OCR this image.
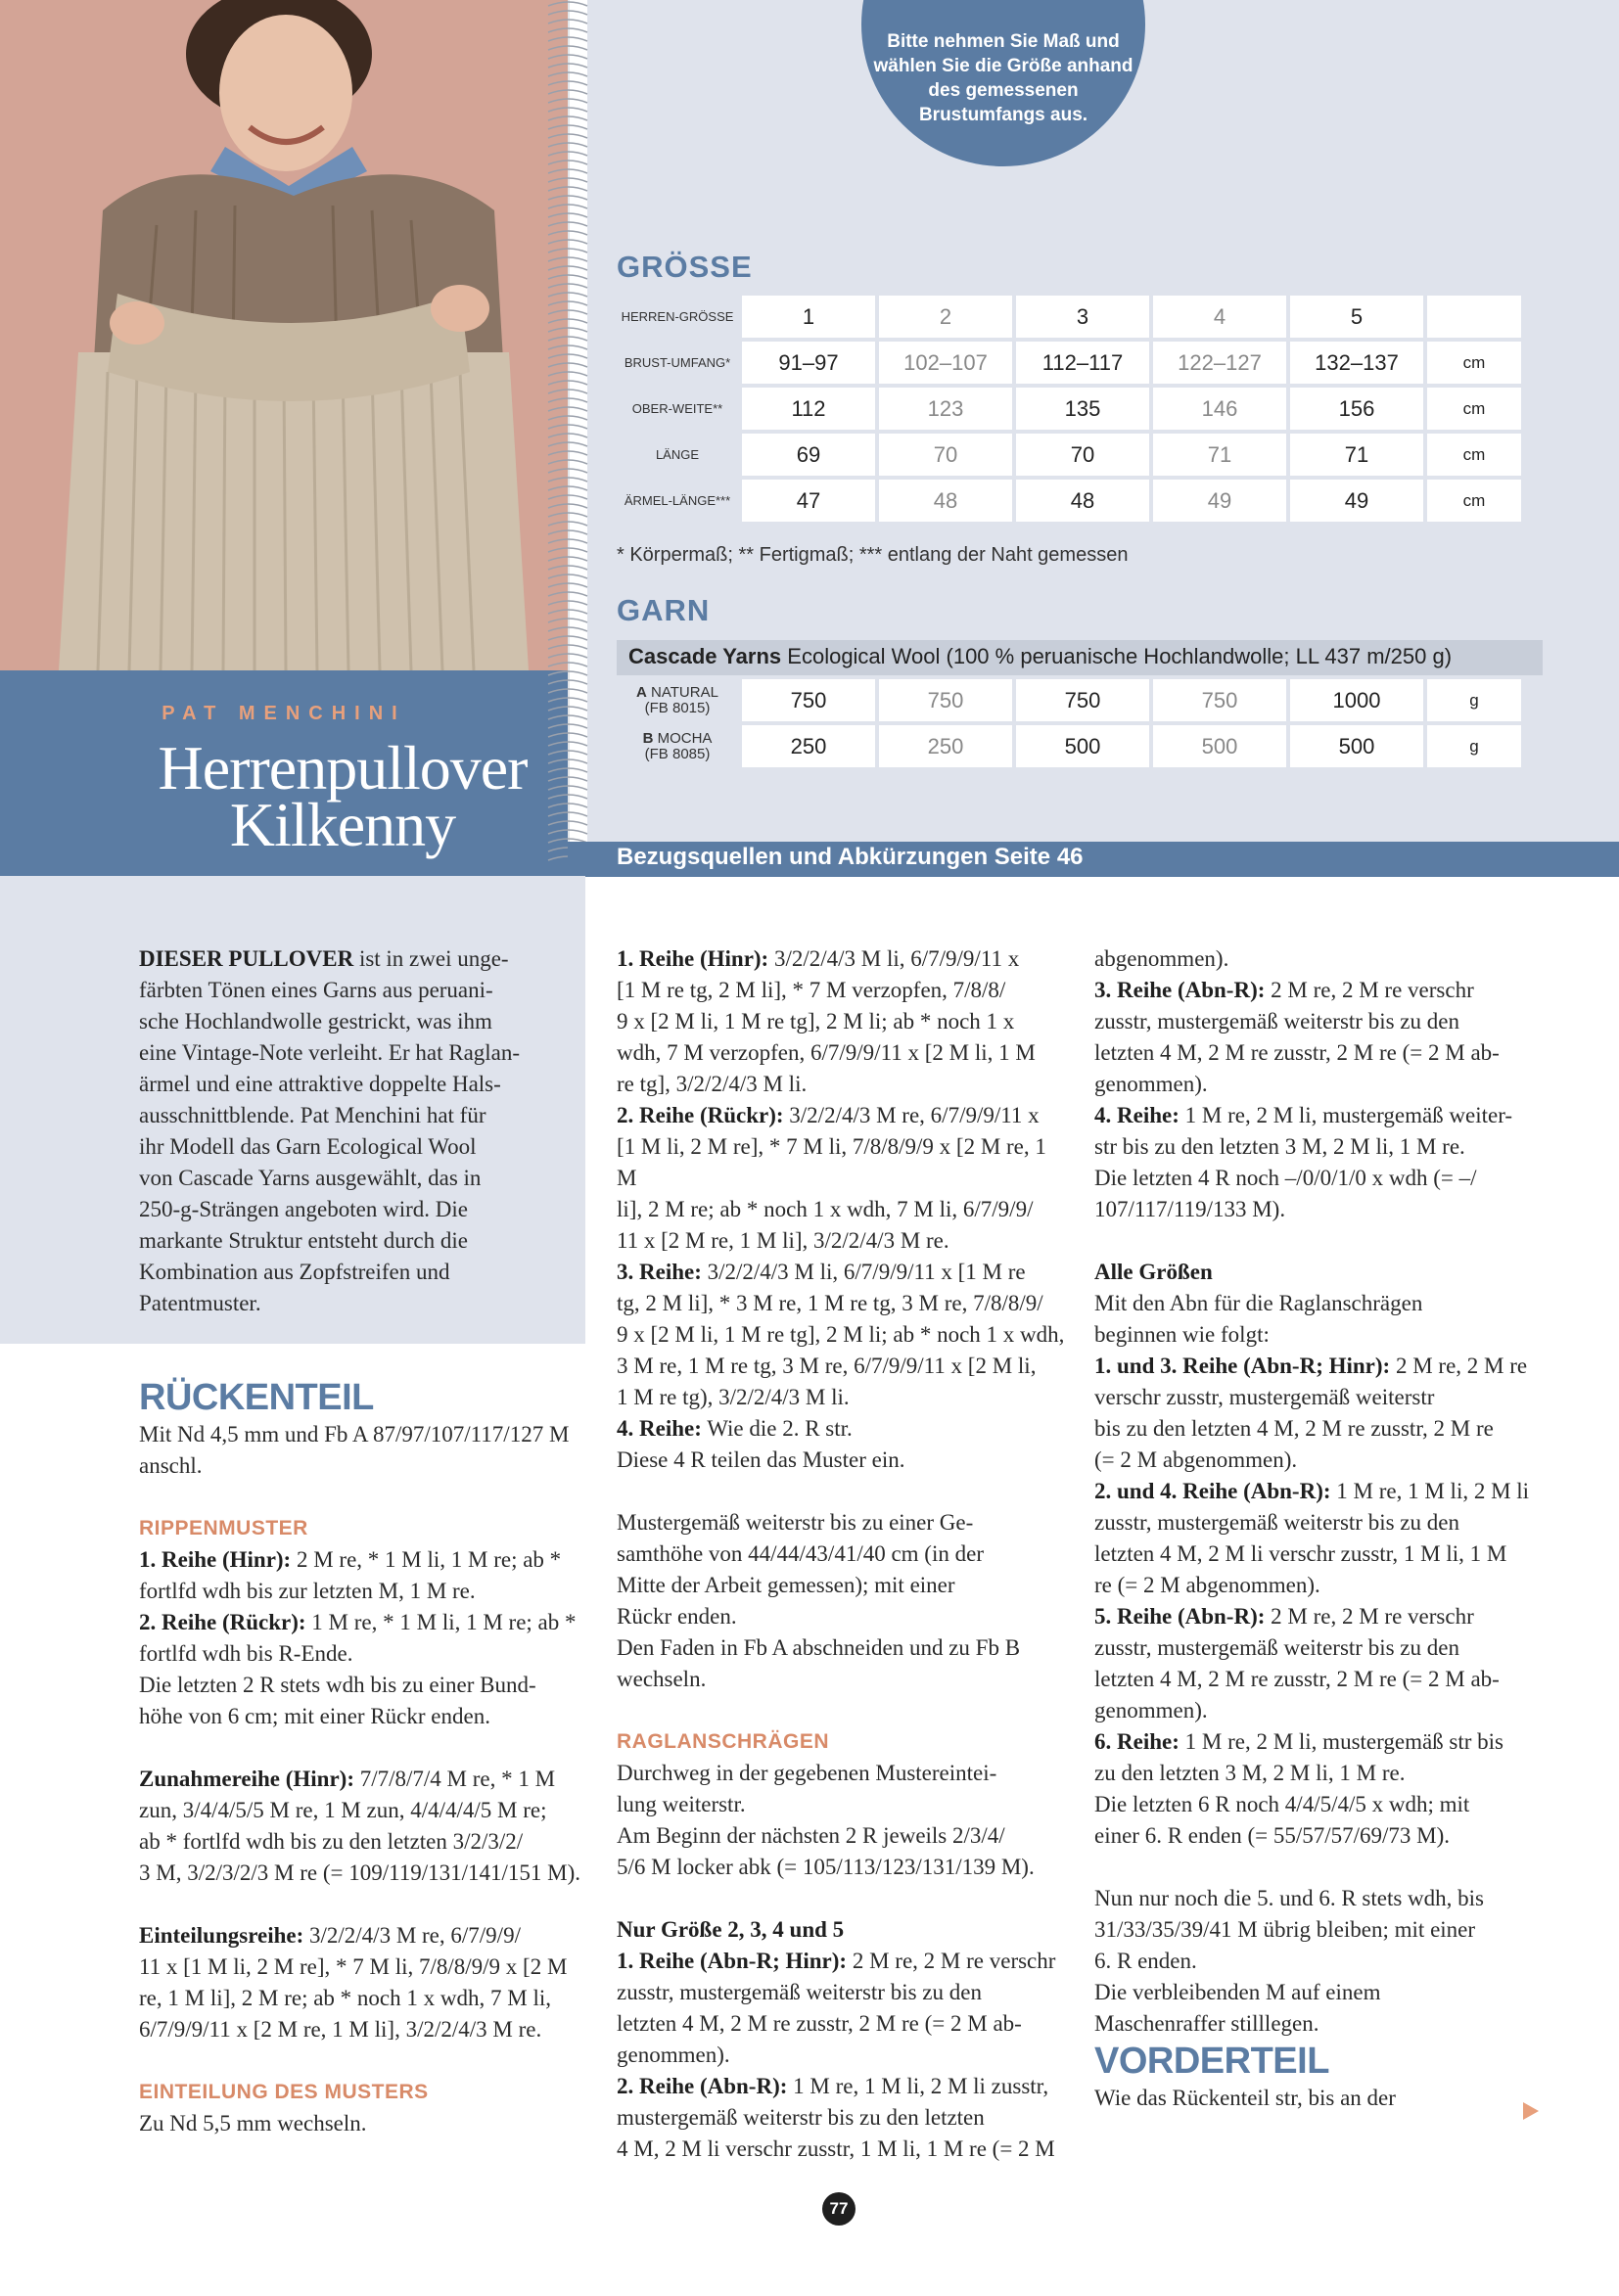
PAT MENCHINI
Herrenpullover
Kilkenny
Bitte nehmen Sie Maß und wählen Sie die Größe anhand des gemessenen Brustumfangs aus.
GRÖSSE
HERREN-GRÖSSE	1	2	3	4	5	
BRUST-UMFANG*	91–97	102–107	112–117	122–127	132–137	cm
OBER-WEITE**	112	123	135	146	156	cm
LÄNGE	69	70	70	71	71	cm
ÄRMEL-LÄNGE***	47	48	48	49	49	cm
* Körpermaß; ** Fertigmaß; *** entlang der Naht gemessen
GARN
Cascade Yarns Ecological Wool (100 % peruanische Hochlandwolle; LL 437 m/250 g)
A NATURAL
(FB 8015)	750	750	750	750	1000	g
B MOCHA
(FB 8085)	250	250	500	500	500	g
Bezugsquellen und Abkürzungen Seite 46

DIESER PULLOVER ist in zwei unge-
färbten Tönen eines Garns aus peruani-
sche Hochlandwolle gestrickt, was ihm
eine Vintage-Note verleiht. Er hat Raglan-
ärmel und eine attraktive doppelte Hals-
ausschnittblende. Pat Menchini hat für
ihr Modell das Garn Ecological Wool
von Cascade Yarns ausgewählt, das in
250-g-Strängen angeboten wird. Die
markante Struktur entsteht durch die
Kombination aus Zopfstreifen und
Patentmuster.

RÜCKENTEIL

Mit Nd 4,5 mm und Fb A 87/97/107/117/127 M
anschl.

RIPPENMUSTER

1. Reihe (Hinr): 2 M re, * 1 M li, 1 M re; ab *
fortlfd wdh bis zur letzten M, 1 M re.
2. Reihe (Rückr): 1 M re, * 1 M li, 1 M re; ab *
fortlfd wdh bis R-Ende.
Die letzten 2 R stets wdh bis zu einer Bund-
höhe von 6 cm; mit einer Rückr enden.

Zunahmereihe (Hinr): 7/7/8/7/4 M re, * 1 M
zun, 3/4/4/5/5 M re, 1 M zun, 4/4/4/4/5 M re;
ab * fortlfd wdh bis zu den letzten 3/2/3/2/
3 M, 3/2/3/2/3 M re (= 109/119/131/141/151 M).

Einteilungsreihe: 3/2/2/4/3 M re, 6/7/9/9/
11 x [1 M li, 2 M re], * 7 M li, 7/8/8/9/9 x [2 M
re, 1 M li], 2 M re; ab * noch 1 x wdh, 7 M li,
6/7/9/9/11 x [2 M re, 1 M li], 3/2/2/4/3 M re.

EINTEILUNG DES MUSTERS

Zu Nd 5,5 mm wechseln.

1. Reihe (Hinr): 3/2/2/4/3 M li, 6/7/9/9/11 x
[1 M re tg, 2 M li], * 7 M verzopfen, 7/8/8/
9 x [2 M li, 1 M re tg], 2 M li; ab * noch 1 x
wdh, 7 M verzopfen, 6/7/9/9/11 x [2 M li, 1 M
re tg], 3/2/2/4/3 M li.
2. Reihe (Rückr): 3/2/2/4/3 M re, 6/7/9/9/11 x
[1 M li, 2 M re], * 7 M li, 7/8/8/9/9 x [2 M re, 1 M
li], 2 M re; ab * noch 1 x wdh, 7 M li, 6/7/9/9/
11 x [2 M re, 1 M li], 3/2/2/4/3 M re.
3. Reihe: 3/2/2/4/3 M li, 6/7/9/9/11 x [1 M re
tg, 2 M li], * 3 M re, 1 M re tg, 3 M re, 7/8/8/9/
9 x [2 M li, 1 M re tg], 2 M li; ab * noch 1 x wdh,
3 M re, 1 M re tg, 3 M re, 6/7/9/9/11 x [2 M li,
1 M re tg), 3/2/2/4/3 M li.
4. Reihe: Wie die 2. R str.
Diese 4 R teilen das Muster ein.

Mustergemäß weiterstr bis zu einer Ge-
samthöhe von 44/44/43/41/40 cm (in der
Mitte der Arbeit gemessen); mit einer
Rückr enden.
Den Faden in Fb A abschneiden und zu Fb B
wechseln.

RAGLANSCHRÄGEN

Durchweg in der gegebenen Mustereintei-
lung weiterstr.
Am Beginn der nächsten 2 R jeweils 2/3/4/
5/6 M locker abk (= 105/113/123/131/139 M).

Nur Größe 2, 3, 4 und 5
1. Reihe (Abn-R; Hinr): 2 M re, 2 M re verschr
zusstr, mustergemäß weiterstr bis zu den
letzten 4 M, 2 M re zusstr, 2 M re (= 2 M ab-
genommen).
2. Reihe (Abn-R): 1 M re, 1 M li, 2 M li zusstr,
mustergemäß weiterstr bis zu den letzten
4 M, 2 M li verschr zusstr, 1 M li, 1 M re (= 2 M

abgenommen).
3. Reihe (Abn-R): 2 M re, 2 M re verschr
zusstr, mustergemäß weiterstr bis zu den
letzten 4 M, 2 M re zusstr, 2 M re (= 2 M ab-
genommen).
4. Reihe: 1 M re, 2 M li, mustergemäß weiter-
str bis zu den letzten 3 M, 2 M li, 1 M re.
Die letzten 4 R noch –/0/0/1/0 x wdh (= –/
107/117/119/133 M).

Alle Größen
Mit den Abn für die Raglanschrägen
beginnen wie folgt:
1. und 3. Reihe (Abn-R; Hinr): 2 M re, 2 M re
verschr zusstr, mustergemäß weiterstr
bis zu den letzten 4 M, 2 M re zusstr, 2 M re
(= 2 M abgenommen).
2. und 4. Reihe (Abn-R): 1 M re, 1 M li, 2 M li
zusstr, mustergemäß weiterstr bis zu den
letzten 4 M, 2 M li verschr zusstr, 1 M li, 1 M
re (= 2 M abgenommen).
5. Reihe (Abn-R): 2 M re, 2 M re verschr
zusstr, mustergemäß weiterstr bis zu den
letzten 4 M, 2 M re zusstr, 2 M re (= 2 M ab-
genommen).
6. Reihe: 1 M re, 2 M li, mustergemäß str bis
zu den letzten 3 M, 2 M li, 1 M re.
Die letzten 6 R noch 4/4/5/4/5 x wdh; mit
einer 6. R enden (= 55/57/57/69/73 M).

Nun nur noch die 5. und 6. R stets wdh, bis
31/33/35/39/41 M übrig bleiben; mit einer
6. R enden.
Die verbleibenden M auf einem
Maschenraffer stilllegen.

VORDERTEIL

Wie das Rückenteil str, bis an der

77
